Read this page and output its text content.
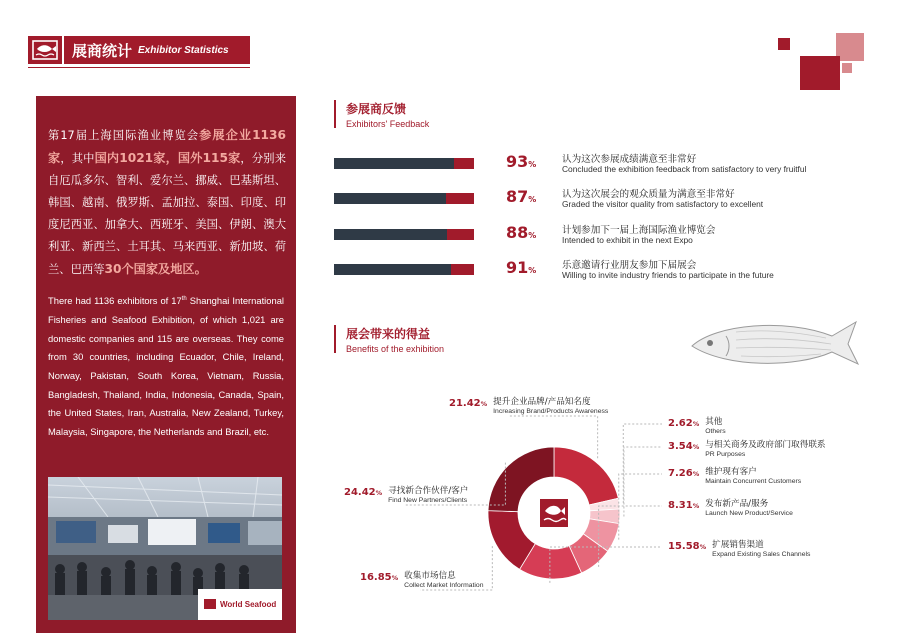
展商统计 Exhibitor Statistics
第17届上海国际渔业博览会参展企业1136家，其中国内1021家，国外115家，分别来自厄瓜多尔、智利、爱尔兰、挪威、巴基斯坦、韩国、越南、俄罗斯、孟加拉、泰国、印度、印度尼西亚、加拿大、西班牙、美国、伊朗、澳大利亚、新西兰、土耳其、马来西亚、新加坡、荷兰、巴西等30个国家及地区。
There had 1136 exhibitors of 17th Shanghai International Fisheries and Seafood Exhibition, of which 1,021 are domestic companies and 115 are overseas. They come from 30 countries, including Ecuador, Chile, Ireland, Norway, Pakistan, South Korea, Vietnam, Russia, Bangladesh, Thailand, India, Indonesia, Canada, Spain, the United States, Iran, Australia, New Zealand, Turkey, Malaysia, Singapore, the Netherlands and Brazil, etc.
World Seafood
参展商反馈
Exhibitors' Feedback
93%	认为这次参展成绩满意至非常好
Concluded the exhibition feedback from satisfactory to very fruitful
87%	认为这次展会的观众质量为满意至非常好
Graded the visitor quality from satisfactory to excellent
88%	计划参加下一届上海国际渔业博览会
Intended to exhibit in the next Expo
91%	乐意邀请行业朋友参加下届展会
Willing to invite industry friends to participate in the future
展会带来的得益
Benefits of the exhibition
21.42% 提升企业品牌/产品知名度
Increasing Brand/Products Awareness
2.62% 其他
Others
3.54% 与相关商务及政府部门取得联系
PR Purposes
7.26% 维护现有客户
Maintain Concurrent Customers
8.31% 发布新产品/服务
Launch New Product/Service
15.58% 扩展销售渠道
Expand Existing Sales Channels
16.85% 收集市场信息
Collect Market Information
24.42% 寻找新合作伙伴/客户
Find New Partners/Clients
